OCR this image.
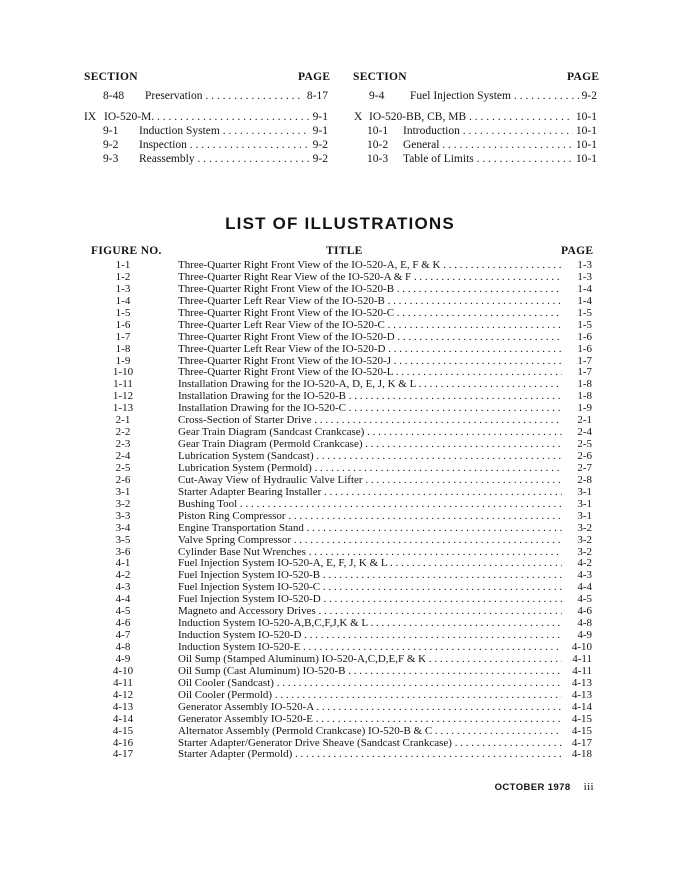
SECTION	PAGE SECTION	PAGE
8-48	Preservation . . .	8-17
IX IO-520-M. . . .	9-1
9-1	Induction System . . .	9-1
9-2	Inspection . . .	9-2
9-3	Reassembly . . .	9-2
9-4	Fuel Injection System . . .	9-2
X IO-520-BB, CB, MB . . .	10-1
10-1	Introduction . . .	10-1
10-2	General . . .	10-1
10-3	Table of Limits . . .	10-1
LIST OF ILLUSTRATIONS
FIGURE NO.	TITLE	PAGE
1-1	Three-Quarter Right Front View of the IO-520-A, E, F & K . . .	1-3
1-2	Three-Quarter Right Rear View of the IO-520-A & F . . .	1-3
1-3	Three-Quarter Right Front View of the IO-520-B . . .	1-4
1-4	Three-Quarter Left Rear View of the IO-520-B . . .	1-4
1-5	Three-Quarter Right Front View of the IO-520-C . . .	1-5
1-6	Three-Quarter Left Rear View of the IO-520-C . . .	1-5
1-7	Three-Quarter Right Front View of the IO-520-D . . .	1-6
1-8	Three-Quarter Left Rear View of the IO-520-D . . .	1-6
1-9	Three-Quarter Right Front View of the IO-520-J . . .	1-7
1-10	Three-Quarter Right Front View of the IO-520-L . . .	1-7
1-11	Installation Drawing for the IO-520-A, D, E, J, K & L . . .	1-8
1-12	Installation Drawing for the IO-520-B . . .	1-8
1-13	Installation Drawing for the IO-520-C . . .	1-9
2-1	Cross-Section of Starter Drive . . .	2-1
2-2	Gear Train Diagram (Sandcast Crankcase) . . .	2-4
2-3	Gear Train Diagram (Permold Crankcase) . . .	2-5
2-4	Lubrication System (Sandcast) . . .	2-6
2-5	Lubrication System (Permold) . . .	2-7
2-6	Cut-Away View of Hydraulic Valve Lifter . . .	2-8
3-1	Starter Adapter Bearing Installer . . .	3-1
3-2	Bushing Tool . . .	3-1
3-3	Piston Ring Compressor . . .	3-1
3-4	Engine Transportation Stand . . .	3-2
3-5	Valve Spring Compressor . . .	3-2
3-6	Cylinder Base Nut Wrenches . . .	3-2
4-1	Fuel Injection System IO-520-A, E, F, J, K & L . . .	4-2
4-2	Fuel Injection System IO-520-B . . .	4-3
4-3	Fuel Injection System IO-520-C . . .	4-4
4-4	Fuel Injection System IO-520-D . . .	4-5
4-5	Magneto and Accessory Drives . . .	4-6
4-6	Induction System IO-520-A,B,C,F,J,K & L . . .	4-8
4-7	Induction System IO-520-D . . .	4-9
4-8	Induction System IO-520-E . . .	4-10
4-9	Oil Sump (Stamped Aluminum) IO-520-A,C,D,E,F & K . . .	4-11
4-10	Oil Sump (Cast Aluminum) IO-520-B . . .	4-11
4-11	Oil Cooler (Sandcast) . . .	4-13
4-12	Oil Cooler (Permold) . . .	4-13
4-13	Generator Assembly IO-520-A . . .	4-14
4-14	Generator Assembly IO-520-E . . .	4-15
4-15	Alternator Assembly (Permold Crankcase) IO-520-B & C . . .	4-15
4-16	Starter Adapter/Generator Drive Sheave (Sandcast Crankcase) . . .	4-17
4-17	Starter Adapter (Permold) . . .	4-18
OCTOBER 1978 iii
